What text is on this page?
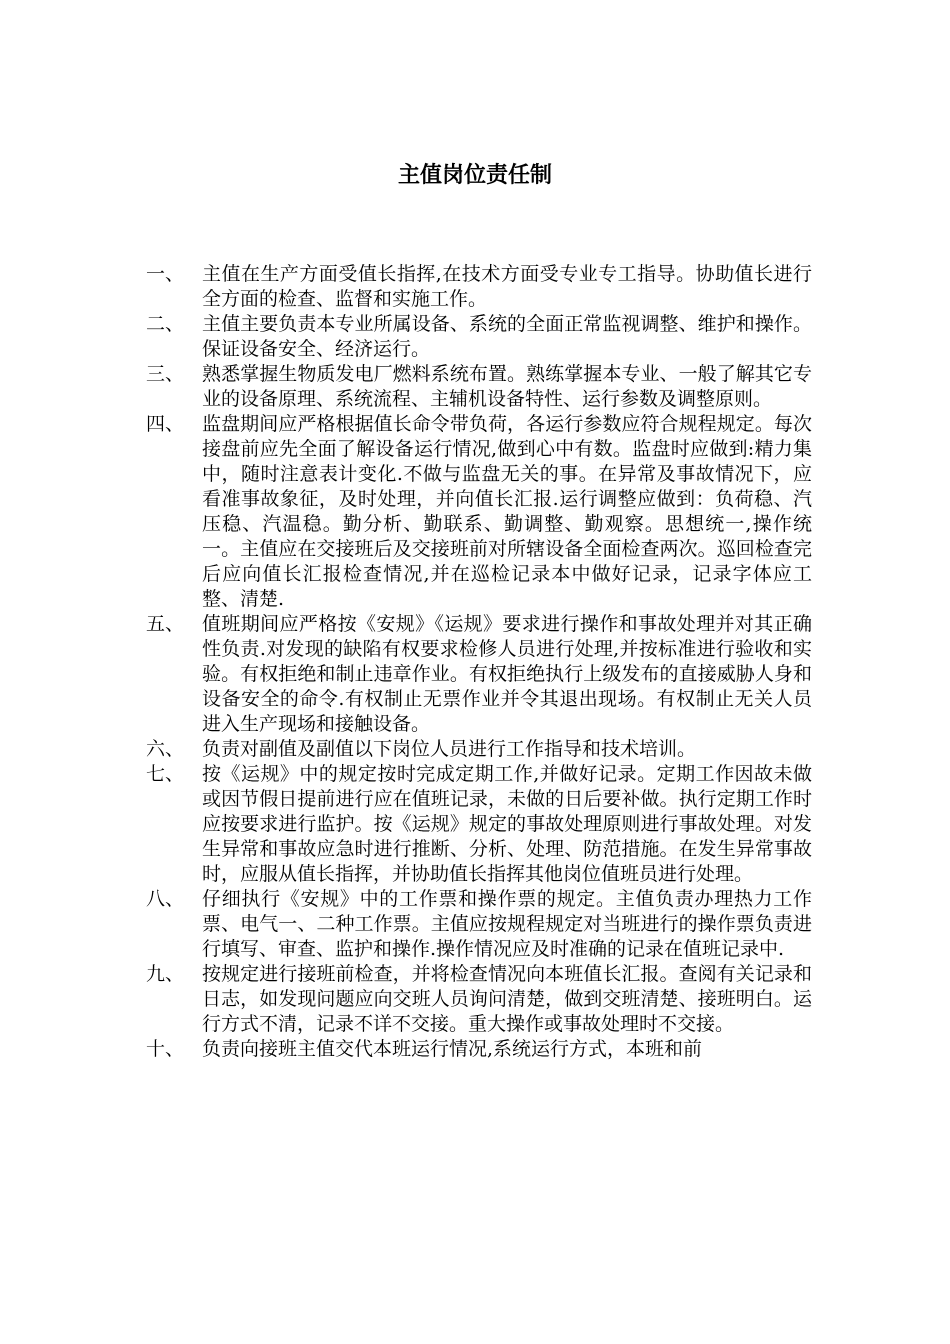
主值岗位责任制
一、 主值在生产方面受值长指挥,在技术方面受专业专工指导。协助值长进行全方面的检查、监督和实施工作。
二、 主值主要负责本专业所属设备、系统的全面正常监视调整、维护和操作。保证设备安全、经济运行。
三、 熟悉掌握生物质发电厂燃料系统布置。熟练掌握本专业、一般了解其它专业的设备原理、系统流程、主辅机设备特性、运行参数及调整原则。
四、 监盘期间应严格根据值长命令带负荷，各运行参数应符合规程规定。每次接盘前应先全面了解设备运行情况,做到心中有数。监盘时应做到:精力集中，随时注意表计变化.不做与监盘无关的事。在异常及事故情况下，应看准事故象征，及时处理，并向值长汇报.运行调整应做到：负荷稳、汽压稳、汽温稳。勤分析、勤联系、勤调整、勤观察。思想统一,操作统一。主值应在交接班后及交接班前对所辖设备全面检查两次。巡回检查完后应向值长汇报检查情况,并在巡检记录本中做好记录，记录字体应工整、清楚.
五、 值班期间应严格按《安规》《运规》要求进行操作和事故处理并对其正确性负责.对发现的缺陷有权要求检修人员进行处理,并按标准进行验收和实验。有权拒绝和制止违章作业。有权拒绝执行上级发布的直接威胁人身和设备安全的命令.有权制止无票作业并令其退出现场。有权制止无关人员进入生产现场和接触设备。
六、 负责对副值及副值以下岗位人员进行工作指导和技术培训。
七、 按《运规》中的规定按时完成定期工作,并做好记录。定期工作因故未做或因节假日提前进行应在值班记录，未做的日后要补做。执行定期工作时应按要求进行监护。按《运规》规定的事故处理原则进行事故处理。对发生异常和事故应急时进行推断、分析、处理、防范措施。在发生异常事故时，应服从值长指挥，并协助值长指挥其他岗位值班员进行处理。
八、 仔细执行《安规》中的工作票和操作票的规定。主值负责办理热力工作票、电气一、二种工作票。主值应按规程规定对当班进行的操作票负责进行填写、审查、监护和操作.操作情况应及时准确的记录在值班记录中.
九、 按规定进行接班前检查，并将检查情况向本班值长汇报。查阅有关记录和日志，如发现问题应向交班人员询问清楚，做到交班清楚、接班明白。运行方式不清，记录不详不交接。重大操作或事故处理时不交接。
十、 负责向接班主值交代本班运行情况,系统运行方式，本班和前
